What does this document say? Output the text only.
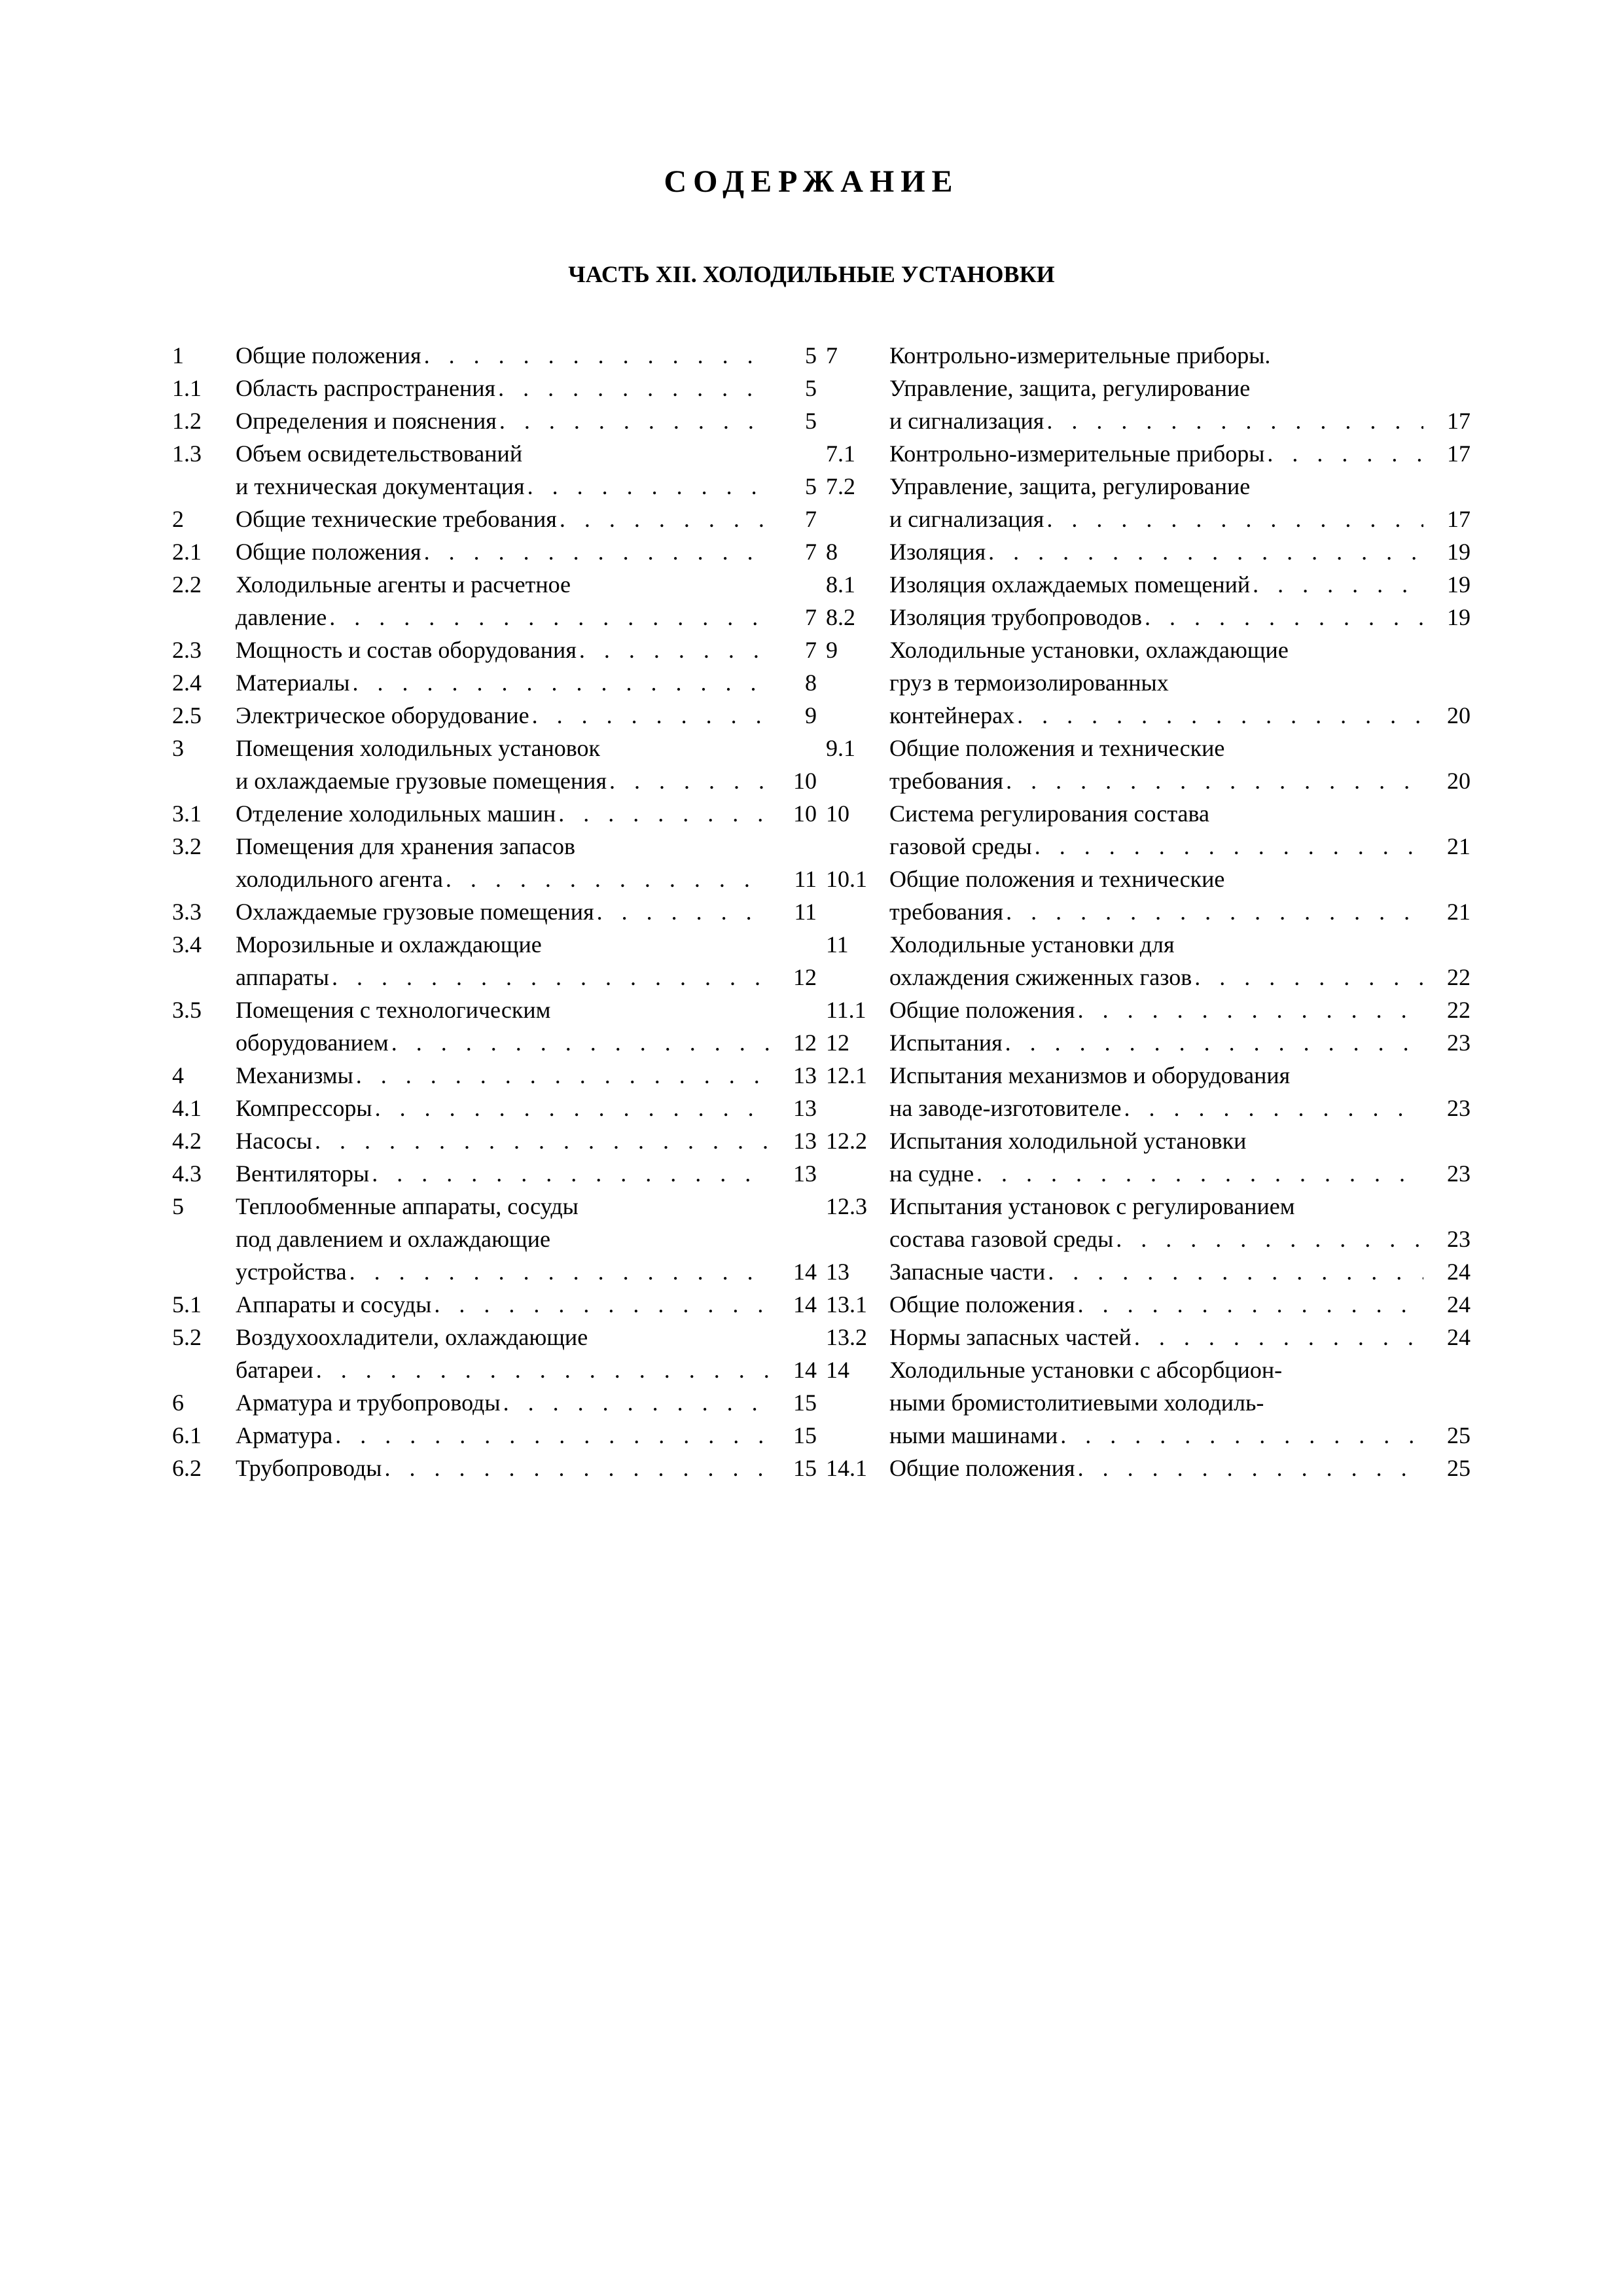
СОДЕРЖАНИЕ
ЧАСТЬ XII. ХОЛОДИЛЬНЫЕ УСТАНОВКИ
1	Общие положения . . .	5
1.1	Область распространения . . .	5
1.2	Определения и пояснения . . .	5
1.3	Объем освидетельствований
и техническая документация . . .	5
2	Общие технические требования . . .	7
2.1	Общие положения . . .	7
2.2	Холодильные агенты и расчетное
давление . . .	7
2.3	Мощность и состав оборудования . . .	7
2.4	Материалы . . .	8
2.5	Электрическое оборудование . . .	9
3	Помещения холодильных установок
и охлаждаемые грузовые помещения . . .	10
3.1	Отделение холодильных машин . . .	10
3.2	Помещения для хранения запасов
холодильного агента . . .	11
3.3	Охлаждаемые грузовые помещения . . .	11
3.4	Морозильные и охлаждающие
аппараты . . .	12
3.5	Помещения с технологическим
оборудованием . . .	12
4	Механизмы . . .	13
4.1	Компрессоры . . .	13
4.2	Насосы . . .	13
4.3	Вентиляторы . . .	13
5	Теплообменные аппараты, сосуды
под давлением и охлаждающие
устройства . . .	14
5.1	Аппараты и сосуды . . .	14
5.2	Воздухоохладители, охлаждающие
батареи . . .	14
6	Арматура и трубопроводы . . .	15
6.1	Арматура . . .	15
6.2	Трубопроводы . . .	15
7	Контрольно-измерительные приборы.
Управление, защита, регулирование
и сигнализация . . .	17
7.1	Контрольно-измерительные приборы . . .	17
7.2	Управление, защита, регулирование
и сигнализация . . .	17
8	Изоляция . . .	19
8.1	Изоляция охлаждаемых помещений . . .	19
8.2	Изоляция трубопроводов . . .	19
9	Холодильные установки, охлаждающие
груз в термоизолированных
контейнерах . . .	20
9.1	Общие положения и технические
требования . . .	20
10	Система регулирования состава
газовой среды . . .	21
10.1 Общие положения и технические
требования . . .	21
11	Холодильные установки для
охлаждения сжиженных газов . . .	22
11.1 Общие положения . . .	22
12	Испытания . . .	23
12.1 Испытания механизмов и оборудования
на заводе-изготовителе . . .	23
12.2 Испытания холодильной установки
на судне . . .	23
12.3 Испытания установок с регулированием
состава газовой среды . . .	23
13	Запасные части . . .	24
13.1 Общие положения . . .	24
13.2 Нормы запасных частей . . .	24
14	Холодильные установки с абсорбцион-
ными бромистолитиевыми холодиль-
ными машинами . . .	25
14.1 Общие положения . . .	25
